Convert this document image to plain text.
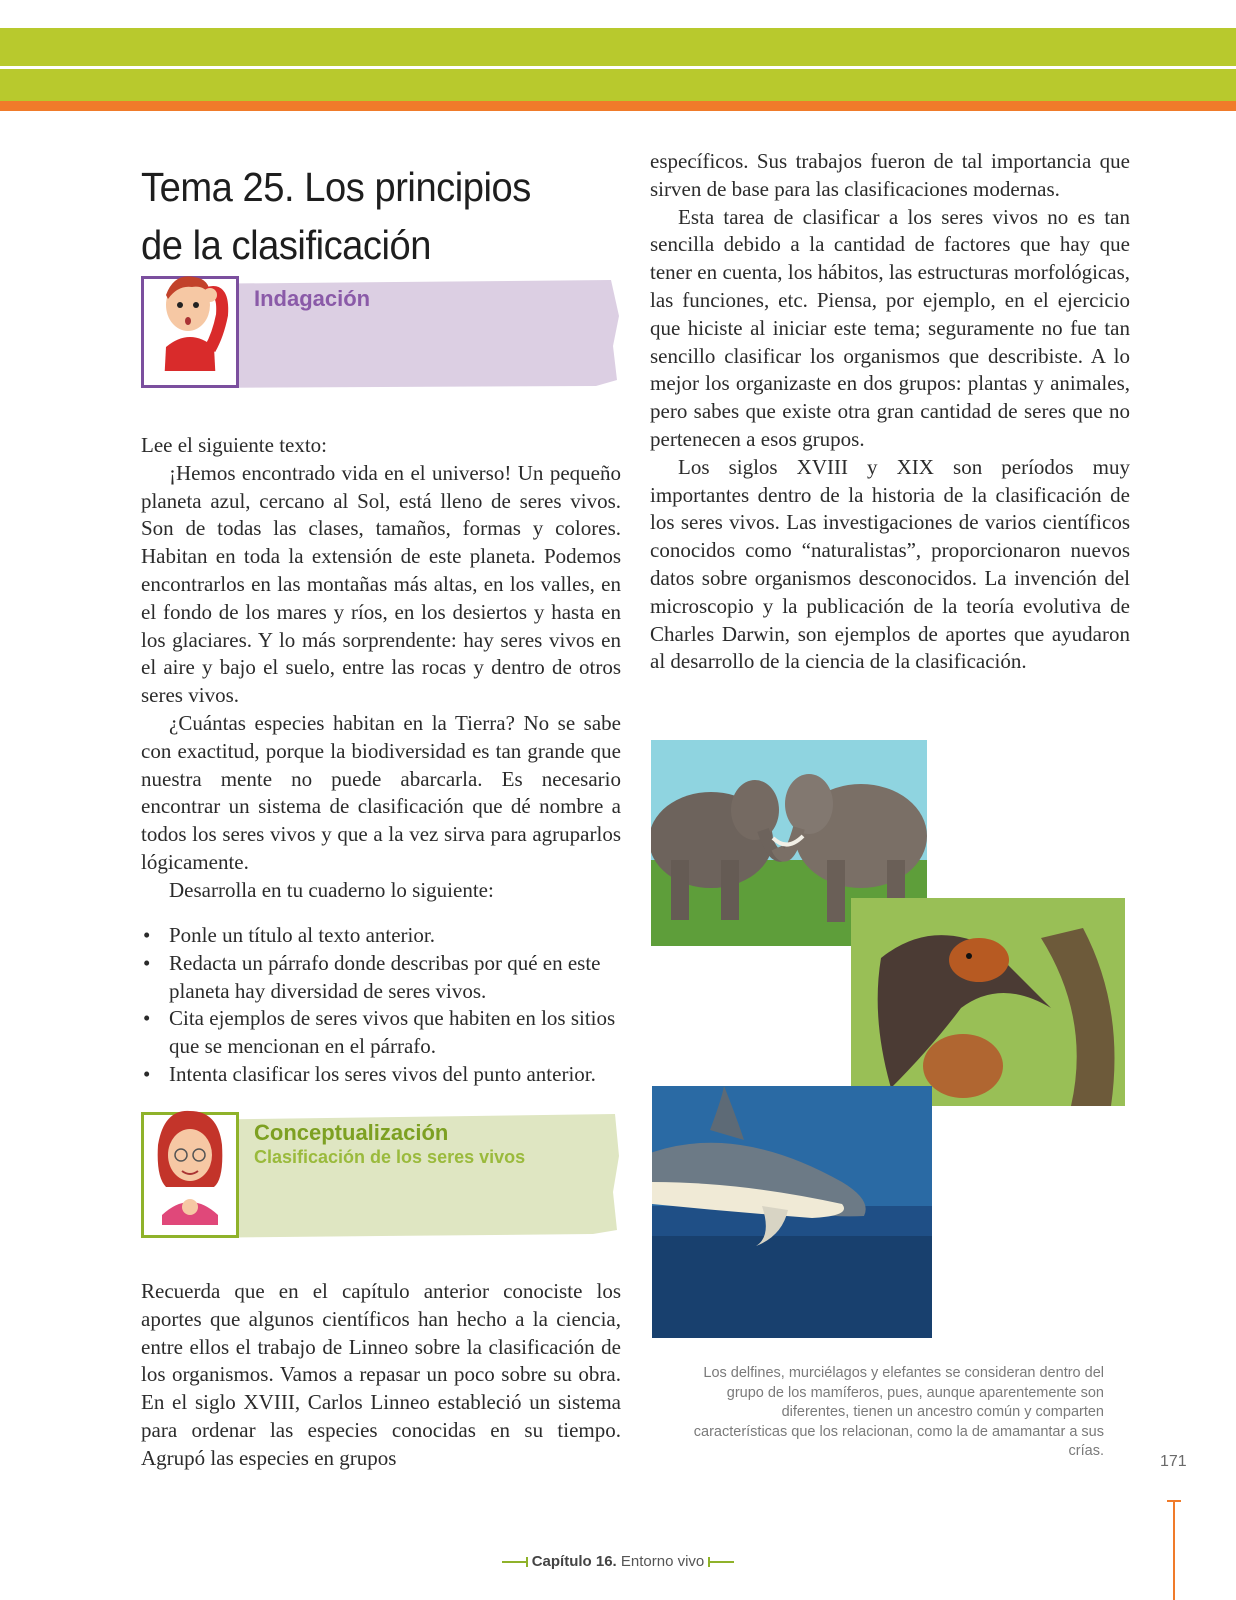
Tema 25. Los principios
de la clasificación
Indagación

Lee el siguiente texto:

¡Hemos encontrado vida en el universo! Un pequeño planeta azul, cercano al Sol, está lleno de seres vivos. Son de todas las clases, tamaños, formas y colores. Habitan en toda la extensión de este planeta. Podemos encontrarlos en las montañas más altas, en los valles, en el fondo de los mares y ríos, en los desiertos y hasta en los glaciares. Y lo más sorprendente: hay seres vivos en el aire y bajo el suelo, entre las rocas y dentro de otros seres vivos.

¿Cuántas especies habitan en la Tierra? No se sabe con exactitud, porque la biodiversidad es tan grande que nuestra mente no puede abarcarla. Es necesario encontrar un sistema de clasificación que dé nombre a todos los seres vivos y que a la vez sirva para agruparlos lógicamente.

Desarrolla en tu cuaderno lo siguiente:

• Ponle un título al texto anterior.
• Redacta un párrafo donde describas por qué en este planeta hay diversidad de seres vivos.
• Cita ejemplos de seres vivos que habiten en los sitios que se mencionan en el párrafo.
• Intenta clasificar los seres vivos del punto anterior.
Conceptualización
Clasificación de los seres vivos

Recuerda que en el capítulo anterior conociste los aportes que algunos científicos han hecho a la ciencia, entre ellos el trabajo de Linneo sobre la clasificación de los organismos. Vamos a repasar un poco sobre su obra. En el siglo XVIII, Carlos Linneo estableció un sistema para ordenar las especies conocidas en su tiempo. Agrupó las especies en grupos

específicos. Sus trabajos fueron de tal importancia que sirven de base para las clasificaciones modernas.

Esta tarea de clasificar a los seres vivos no es tan sencilla debido a la cantidad de factores que hay que tener en cuenta, los hábitos, las estructuras morfológicas, las funciones, etc. Piensa, por ejemplo, en el ejercicio que hiciste al iniciar este tema; seguramente no fue tan sencillo clasificar los organismos que describiste. A lo mejor los organizaste en dos grupos: plantas y animales, pero sabes que existe otra gran cantidad de seres que no pertenecen a esos grupos.

Los siglos XVIII y XIX son períodos muy importantes dentro de la historia de la clasificación de los seres vivos. Las investigaciones de varios científicos conocidos como “naturalistas”, proporcionaron nuevos datos sobre organismos desconocidos. La invención del microscopio y la publicación de la teoría evolutiva de Charles Darwin, son ejemplos de aportes que ayudaron al desarrollo de la ciencia de la clasificación.

Los delfines, murciélagos y elefantes se consideran dentro del grupo de los mamíferos, pues, aunque aparentemente son diferentes, tienen un ancestro común y comparten características que los relacionan, como la de amamantar a sus crías.
171
Capítulo 16. Entorno vivo
